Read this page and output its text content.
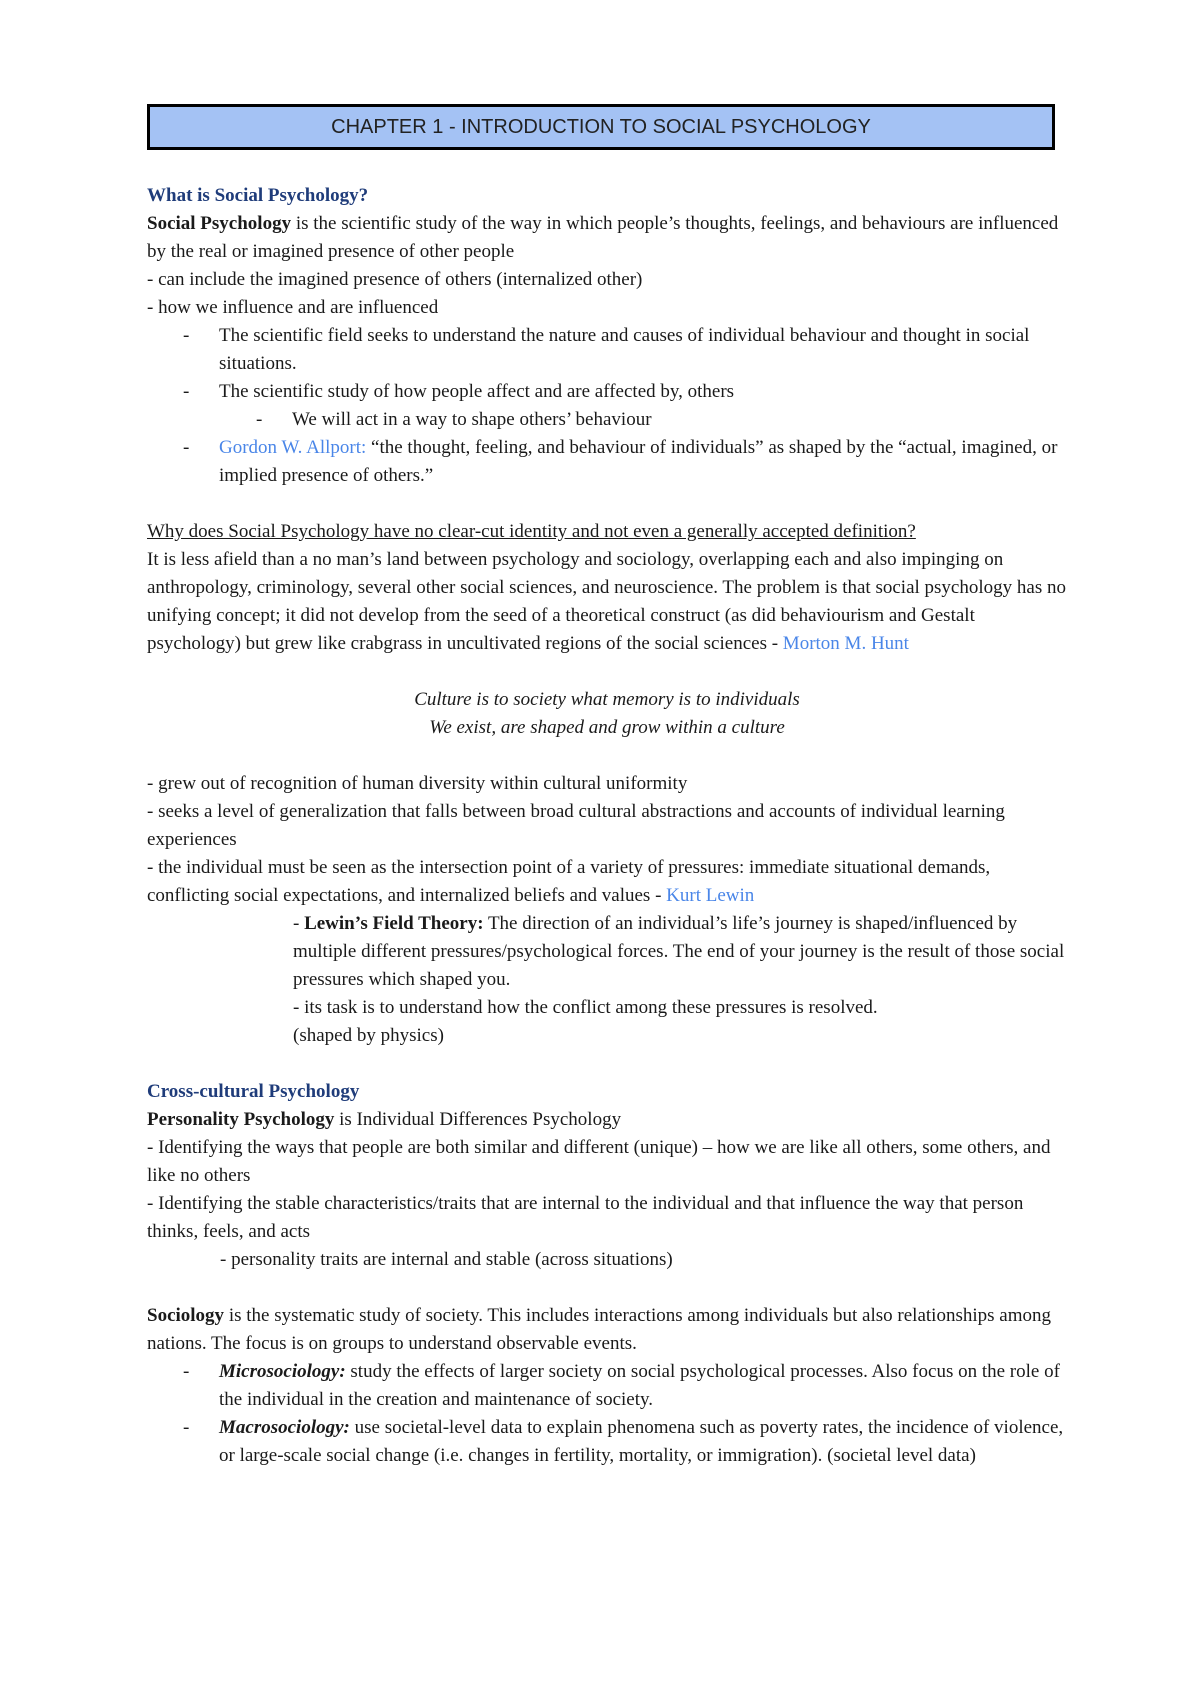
CHAPTER 1 - INTRODUCTION TO SOCIAL PSYCHOLOGY

What is Social Psychology?

Social Psychology is the scientific study of the way in which people’s thoughts, feelings, and behaviours are influenced by the real or imagined presence of other people

- can include the imagined presence of others (internalized other)

- how we influence and are influenced

- The scientific field seeks to understand the nature and causes of individual behaviour and thought in social situations.

- The scientific study of how people affect and are affected by, others

- We will act in a way to shape others’ behaviour

- Gordon W. Allport: “the thought, feeling, and behaviour of individuals” as shaped by the “actual, imagined, or implied presence of others.”

Why does Social Psychology have no clear-cut identity and not even a generally accepted definition?

It is less afield than a no man’s land between psychology and sociology, overlapping each and also impinging on anthropology, criminology, several other social sciences, and neuroscience. The problem is that social psychology has no unifying concept; it did not develop from the seed of a theoretical construct (as did behaviourism and Gestalt psychology) but grew like crabgrass in uncultivated regions of the social sciences - Morton M. Hunt

Culture is to society what memory is to individuals

We exist, are shaped and grow within a culture

- grew out of recognition of human diversity within cultural uniformity

- seeks a level of generalization that falls between broad cultural abstractions and accounts of individual learning experiences

- the individual must be seen as the intersection point of a variety of pressures: immediate situational demands, conflicting social expectations, and internalized beliefs and values - Kurt Lewin

- Lewin’s Field Theory: The direction of an individual’s life’s journey is shaped/influenced by multiple different pressures/psychological forces. The end of your journey is the result of those social pressures which shaped you.

- its task is to understand how the conflict among these pressures is resolved.

(shaped by physics)

Cross-cultural Psychology

Personality Psychology is Individual Differences Psychology

- Identifying the ways that people are both similar and different (unique) – how we are like all others, some others, and like no others

- Identifying the stable characteristics/traits that are internal to the individual and that influence the way that person thinks, feels, and acts

- personality traits are internal and stable (across situations)

Sociology is the systematic study of society. This includes interactions among individuals but also relationships among nations. The focus is on groups to understand observable events.

- Microsociology: study the effects of larger society on social psychological processes. Also focus on the role of the individual in the creation and maintenance of society.

- Macrosociology: use societal-level data to explain phenomena such as poverty rates, the incidence of violence, or large-scale social change (i.e. changes in fertility, mortality, or immigration). (societal level data)
